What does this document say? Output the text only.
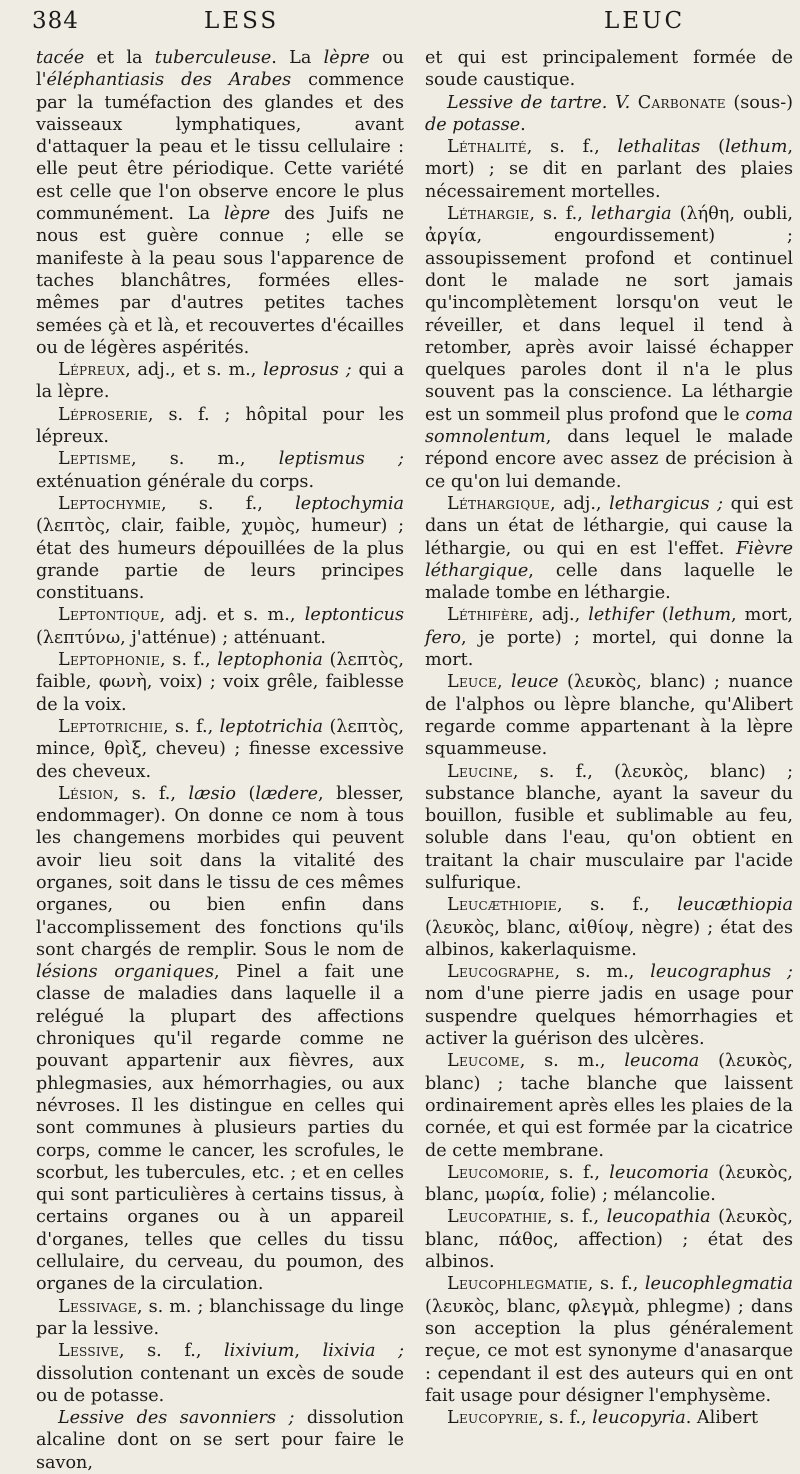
384	LESS	LEUC

tacée et la tuberculeuse. La lèpre ou l'éléphantiasis des Arabes commence par la tuméfaction des glandes et des vaisseaux lymphatiques, avant d'attaquer la peau et le tissu cellulaire : elle peut être périodique. Cette variété est celle que l'on observe encore le plus communément. La lèpre des Juifs ne nous est guère connue ; elle se manifeste à la peau sous l'apparence de taches blanchâtres, formées elles-mêmes par d'autres petites taches semées çà et là, et recouvertes d'écailles ou de légères aspérités.

Lépreux, adj., et s. m., leprosus ; qui a la lèpre.

Léproserie, s. f. ; hôpital pour les lépreux.

Leptisme, s. m., leptismus ; exténuation générale du corps.

Leptochymie, s. f., leptochymia (λεπτὸς, clair, faible, χυμὸς, humeur) ; état des humeurs dépouillées de la plus grande partie de leurs principes constituans.

Leptontique, adj. et s. m., leptonticus (λεπτύνω, j'atténue) ; atténuant.

Leptophonie, s. f., leptophonia (λεπτὸς, faible, φωνὴ, voix) ; voix grêle, faiblesse de la voix.

Leptotrichie, s. f., leptotrichia (λεπτὸς, mince, θρὶξ, cheveu) ; finesse excessive des cheveux.

Lésion, s. f., læsio (lædere, blesser, endommager). On donne ce nom à tous les changemens morbides qui peuvent avoir lieu soit dans la vitalité des organes, soit dans le tissu de ces mêmes organes, ou bien enfin dans l'accomplissement des fonctions qu'ils sont chargés de remplir. Sous le nom de lésions organiques, Pinel a fait une classe de maladies dans laquelle il a relégué la plupart des affections chroniques qu'il regarde comme ne pouvant appartenir aux fièvres, aux phlegmasies, aux hémorrhagies, ou aux névroses. Il les distingue en celles qui sont communes à plusieurs parties du corps, comme le cancer, les scrofules, le scorbut, les tubercules, etc. ; et en celles qui sont particulières à certains tissus, à certains organes ou à un appareil d'organes, telles que celles du tissu cellulaire, du cerveau, du poumon, des organes de la circulation.

Lessivage, s. m. ; blanchissage du linge par la lessive.

Lessive, s. f., lixivium, lixivia ; dissolution contenant un excès de soude ou de potasse.

Lessive des savonniers ; dissolution alcaline dont on se sert pour faire le savon,

et qui est principalement formée de soude caustique.

Lessive de tartre. V. Carbonate (sous-) de potasse.

Léthalité, s. f., lethalitas (lethum, mort) ; se dit en parlant des plaies nécessairement mortelles.

Léthargie, s. f., lethargia (λήθη, oubli, ἀργία, engourdissement) ; assoupissement profond et continuel dont le malade ne sort jamais qu'incomplètement lorsqu'on veut le réveiller, et dans lequel il tend à retomber, après avoir laissé échapper quelques paroles dont il n'a le plus souvent pas la conscience. La léthargie est un sommeil plus profond que le coma somnolentum, dans lequel le malade répond encore avec assez de précision à ce qu'on lui demande.

Léthargique, adj., lethargicus ; qui est dans un état de léthargie, qui cause la léthargie, ou qui en est l'effet. Fièvre léthargique, celle dans laquelle le malade tombe en léthargie.

Léthifère, adj., lethifer (lethum, mort, fero, je porte) ; mortel, qui donne la mort.

Leuce, leuce (λευκὸς, blanc) ; nuance de l'alphos ou lèpre blanche, qu'Alibert regarde comme appartenant à la lèpre squammeuse.

Leucine, s. f., (λευκὸς, blanc) ; substance blanche, ayant la saveur du bouillon, fusible et sublimable au feu, soluble dans l'eau, qu'on obtient en traitant la chair musculaire par l'acide sulfurique.

Leucæthiopie, s. f., leucæthiopia (λευκὸς, blanc, αἰθίοψ, nègre) ; état des albinos, kakerlaquisme.

Leucographe, s. m., leucographus ; nom d'une pierre jadis en usage pour suspendre quelques hémorrhagies et activer la guérison des ulcères.

Leucome, s. m., leucoma (λευκὸς, blanc) ; tache blanche que laissent ordinairement après elles les plaies de la cornée, et qui est formée par la cicatrice de cette membrane.

Leucomorie, s. f., leucomoria (λευκὸς, blanc, μωρία, folie) ; mélancolie.

Leucopathie, s. f., leucopathia (λευκὸς, blanc, πάθος, affection) ; état des albinos.

Leucophlegmatie, s. f., leucophlegmatia (λευκὸς, blanc, φλεγμὰ, phlegme) ; dans son acception la plus généralement reçue, ce mot est synonyme d'anasarque : cependant il est des auteurs qui en ont fait usage pour désigner l'emphysème.

Leucopyrie, s. f., leucopyria. Alibert
